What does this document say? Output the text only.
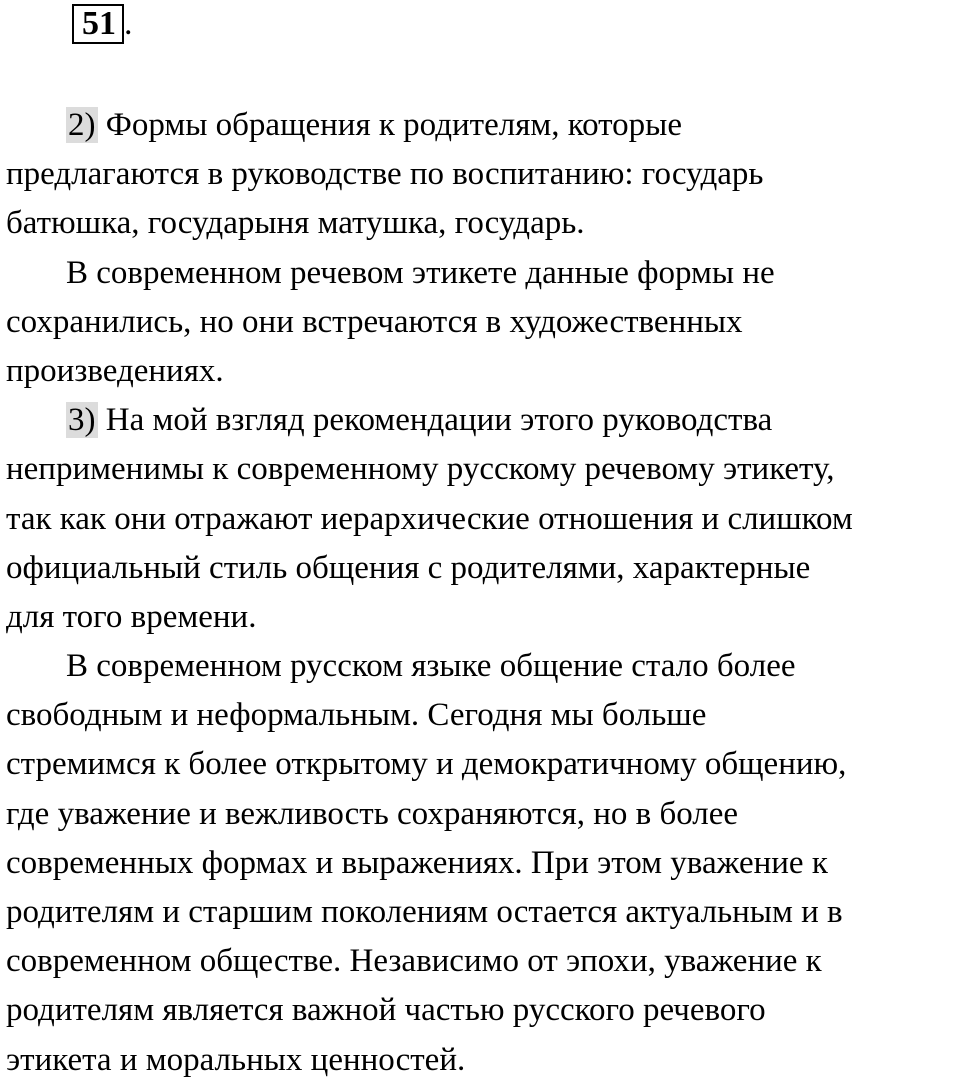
51 .
2) Формы обращения к родителям, которые
предлагаются в руководстве по воспитанию: государь
батюшка, государыня матушка, государь.
В современном речевом этикете данные формы не
сохранились, но они встречаются в художественных
произведениях.
3) На мой взгляд рекомендации этого руководства
неприменимы к современному русскому речевому этикету,
так как они отражают иерархические отношения и слишком
официальный стиль общения с родителями, характерные
для того времени.
В современном русском языке общение стало более
свободным и неформальным. Сегодня мы больше
стремимся к более открытому и демократичному общению,
где уважение и вежливость сохраняются, но в более
современных формах и выражениях. При этом уважение к
родителям и старшим поколениям остается актуальным и в
современном обществе. Независимо от эпохи, уважение к
родителям является важной частью русского речевого
этикета и моральных ценностей.
